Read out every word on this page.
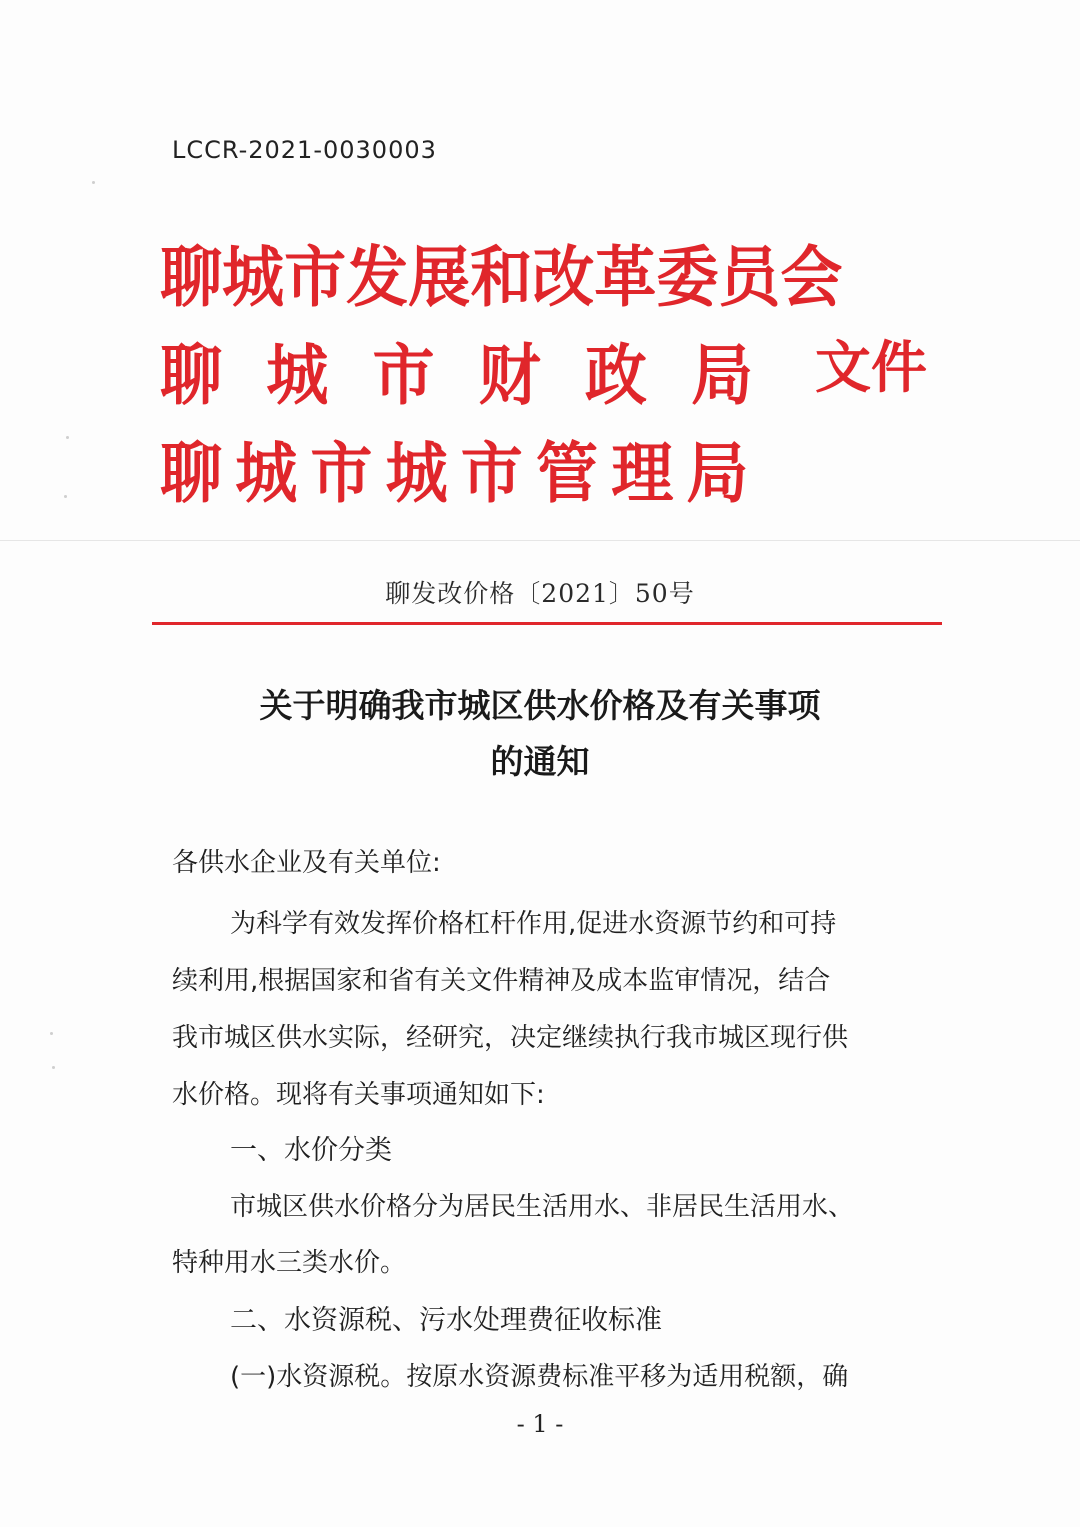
LCCR-2021-0030003
聊城市发展和改革委员会
聊城市财政局
聊城市城市管理局
文件
聊发改价格〔2021〕50号
关于明确我市城区供水价格及有关事项
的通知
各供水企业及有关单位:
为科学有效发挥价格杠杆作用,促进水资源节约和可持
续利用,根据国家和省有关文件精神及成本监审情况，结合
我市城区供水实际，经研究，决定继续执行我市城区现行供
水价格。现将有关事项通知如下:
一、水价分类
市城区供水价格分为居民生活用水、非居民生活用水、
特种用水三类水价。
二、水资源税、污水处理费征收标准
(一)水资源税。按原水资源费标准平移为适用税额，确
- 1 -
